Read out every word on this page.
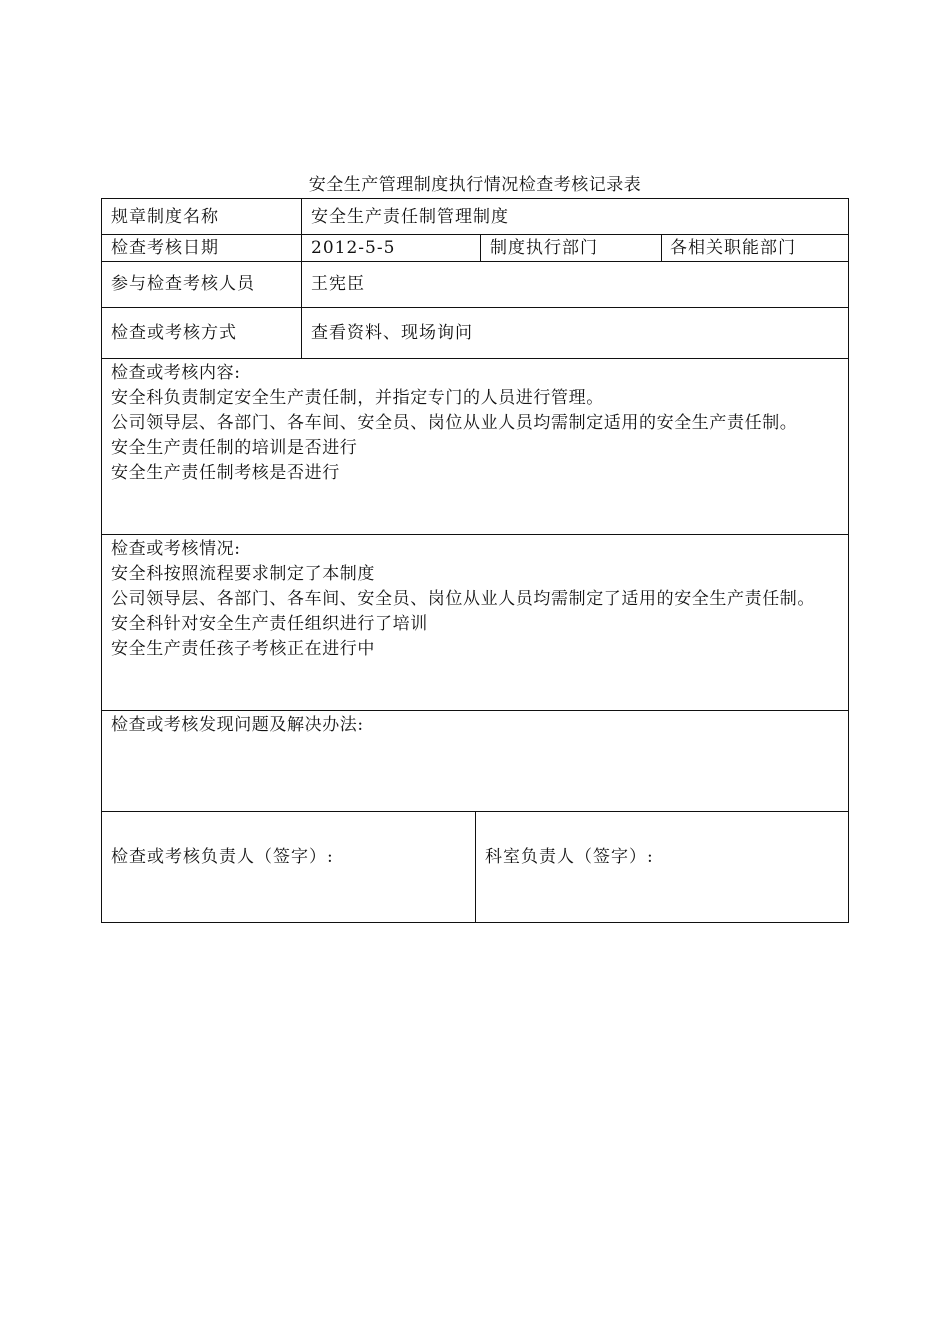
安全生产管理制度执行情况检查考核记录表
规章制度名称	安全生产责任制管理制度
检查考核日期	2012-5-5	制度执行部门	各相关职能部门
参与检查考核人员	王宪臣
检查或考核方式	查看资料、现场询问
检查或考核内容:
安全科负责制定安全生产责任制，并指定专门的人员进行管理。
公司领导层、各部门、各车间、安全员、岗位从业人员均需制定适用的安全生产责任制。
安全生产责任制的培训是否进行
安全生产责任制考核是否进行
检查或考核情况:
安全科按照流程要求制定了本制度
公司领导层、各部门、各车间、安全员、岗位从业人员均需制定了适用的安全生产责任制。
安全科针对安全生产责任组织进行了培训
安全生产责任孩子考核正在进行中
检查或考核发现问题及解决办法:
检查或考核负责人（签字）:	科室负责人（签字）:
